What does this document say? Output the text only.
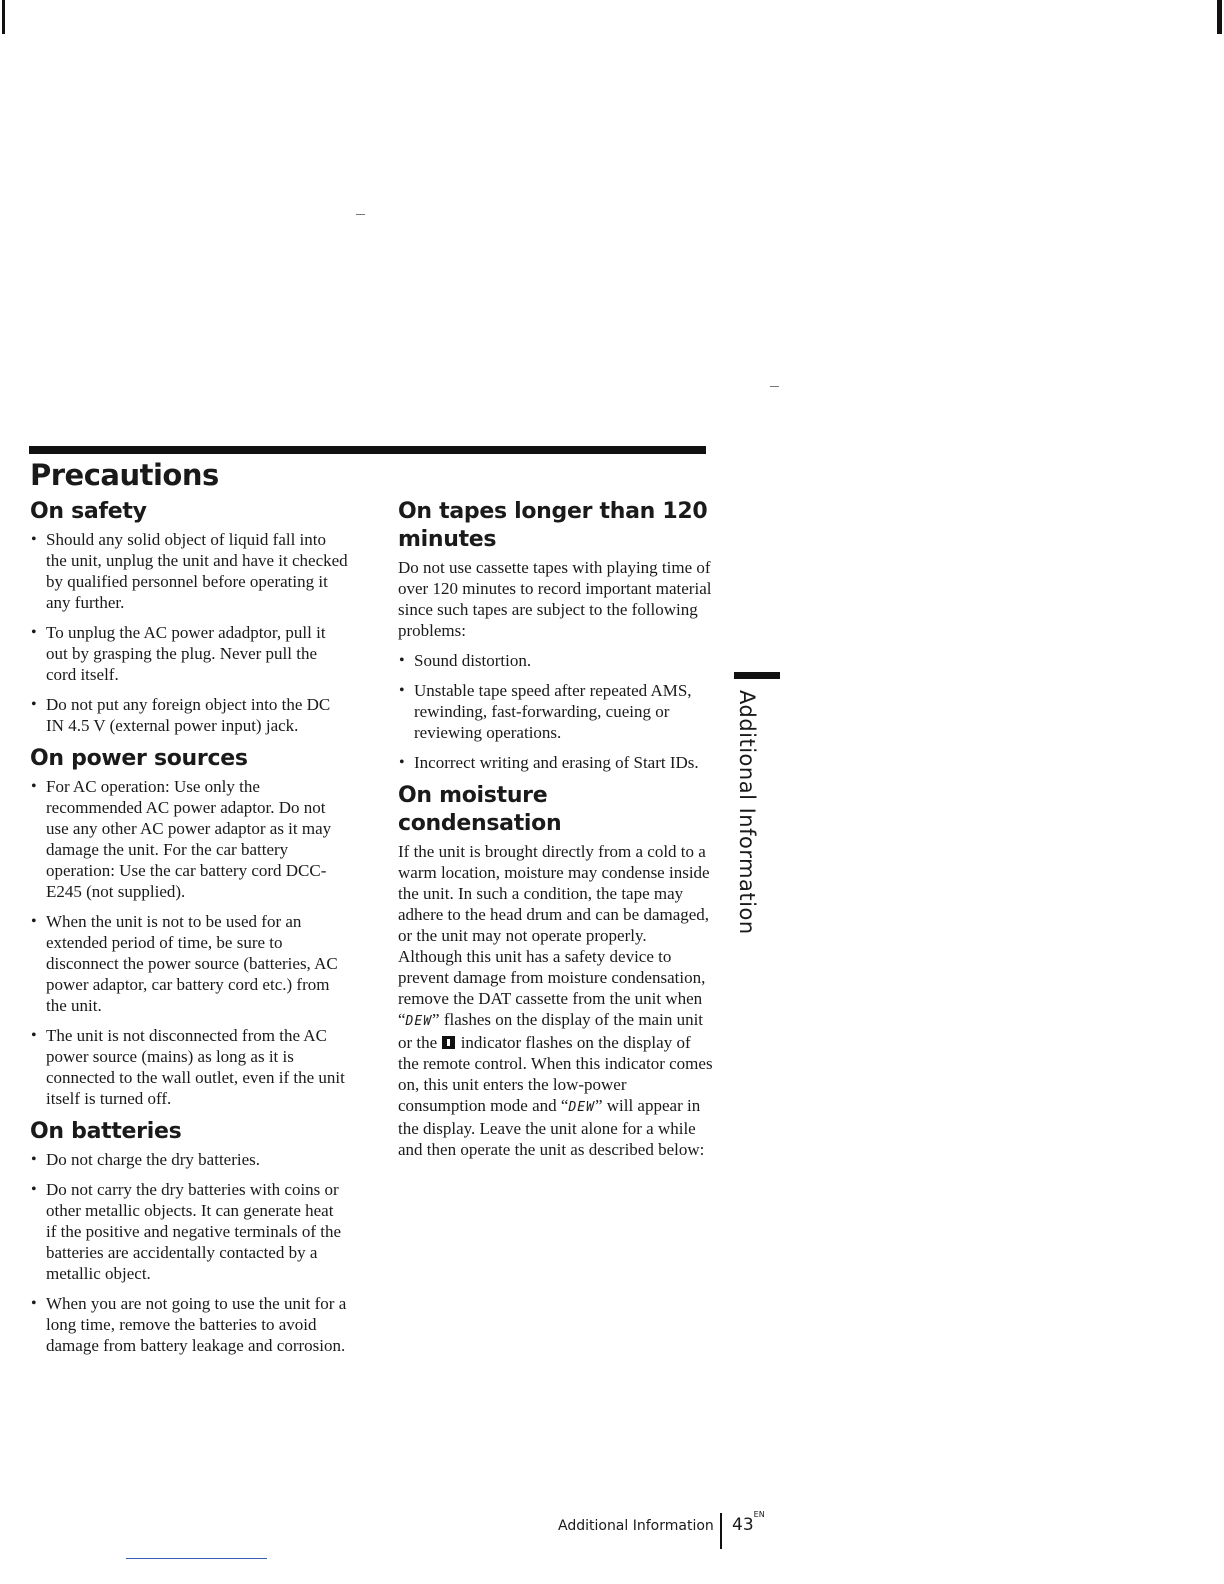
Precautions
On safety
• Should any solid object of liquid fall into the unit, unplug the unit and have it checked by qualified personnel before operating it any further.
• To unplug the AC power adadptor, pull it out by grasping the plug. Never pull the cord itself.
• Do not put any foreign object into the DC IN 4.5 V (external power input) jack.
On power sources
• For AC operation: Use only the recommended AC power adaptor. Do not use any other AC power adaptor as it may damage the unit. For the car battery operation: Use the car battery cord DCC-E245 (not supplied).
• When the unit is not to be used for an extended period of time, be sure to disconnect the power source (batteries, AC power adaptor, car battery cord etc.) from the unit.
• The unit is not disconnected from the AC power source (mains) as long as it is connected to the wall outlet, even if the unit itself is turned off.
On batteries
• Do not charge the dry batteries.
• Do not carry the dry batteries with coins or other metallic objects. It can generate heat if the positive and negative terminals of the batteries are accidentally contacted by a metallic object.
• When you are not going to use the unit for a long time, remove the batteries to avoid damage from battery leakage and corrosion.
On tapes longer than 120 minutes

Do not use cassette tapes with playing time of over 120 minutes to record important material since such tapes are subject to the following problems:

• Sound distortion.
• Unstable tape speed after repeated AMS, rewinding, fast-forwarding, cueing or reviewing operations.
• Incorrect writing and erasing of Start IDs.
On moisture condensation

If the unit is brought directly from a cold to a warm location, moisture may condense inside the unit. In such a condition, the tape may adhere to the head drum and can be damaged, or the unit may not operate properly. Although this unit has a safety device to prevent damage from moisture condensation, remove the DAT cassette from the unit when “DEW” flashes on the display of the main unit or the indicator flashes on the display of the remote control. When this indicator comes on, this unit enters the low-power consumption mode and “DEW” will appear in the display. Leave the unit alone for a while and then operate the unit as described below:

Additional Information
Additional Information $43^{EN}$
